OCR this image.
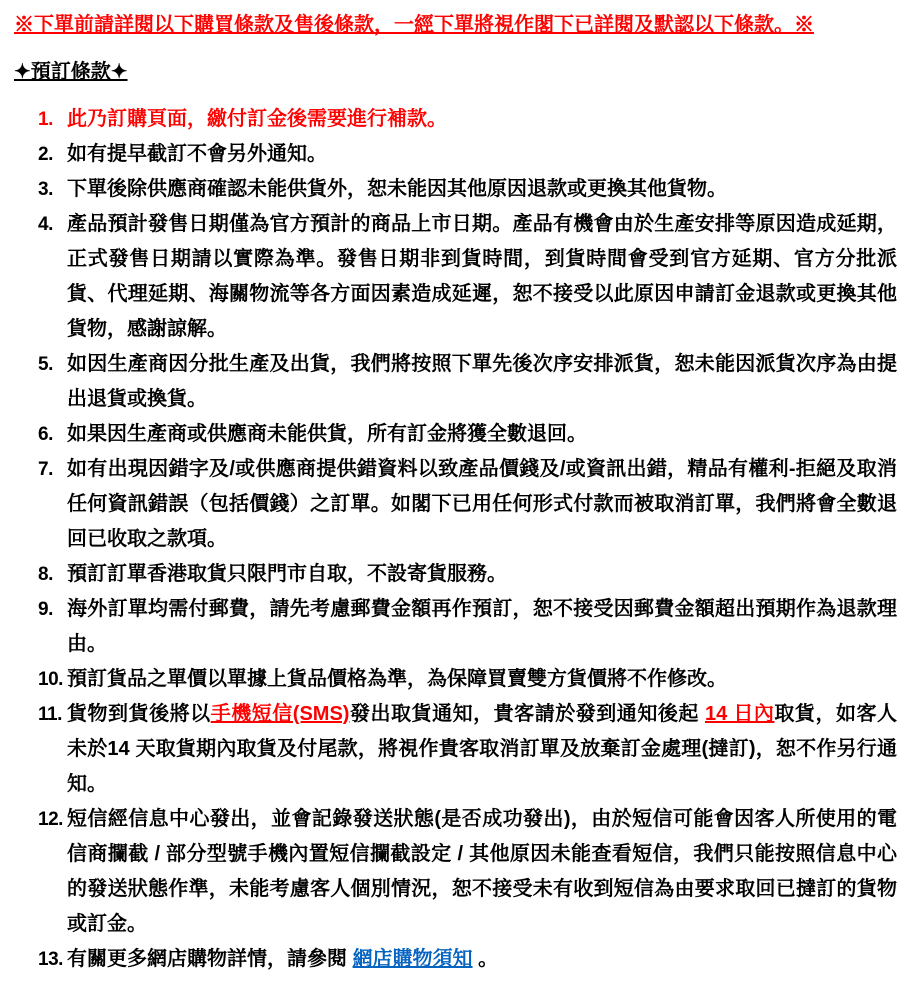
※下單前請詳閱以下購買條款及售後條款，一經下單將視作閣下已詳閱及默認以下條款。※
✦預訂條款✦
1. 此乃訂購頁面，繳付訂金後需要進行補款。
2. 如有提早截訂不會另外通知。
3. 下單後除供應商確認未能供貨外，恕未能因其他原因退款或更換其他貨物。
4. 產品預計發售日期僅為官方預計的商品上市日期。產品有機會由於生產安排等原因造成延期，正式發售日期請以實際為準。發售日期非到貨時間，到貨時間會受到官方延期、官方分批派貨、代理延期、海關物流等各方面因素造成延遲，恕不接受以此原因申請訂金退款或更換其他貨物，感謝諒解。
5. 如因生產商因分批生產及出貨，我們將按照下單先後次序安排派貨，恕未能因派貨次序為由提出退貨或換貨。
6. 如果因生產商或供應商未能供貨，所有訂金將獲全數退回。
7. 如有出現因錯字及/或供應商提供錯資料以致產品價錢及/或資訊出錯，精品有權利-拒絕及取消任何資訊錯誤（包括價錢）之訂單。如閣下已用任何形式付款而被取消訂單，我們將會全數退回已收取之款項。
8. 預訂訂單香港取貨只限門市自取，不設寄貨服務。
9. 海外訂單均需付郵費，請先考慮郵費金額再作預訂，恕不接受因郵費金額超出預期作為退款理由。
10. 預訂貨品之單價以單據上貨品價格為準，為保障買賣雙方貨價將不作修改。
11. 貨物到貨後將以手機短信(SMS)發出取貨通知，貴客請於發到通知後起 14 日內取貨，如客人未於14 天取貨期內取貨及付尾款，將視作貴客取消訂單及放棄訂金處理(撻訂)，恕不作另行通知。
12. 短信經信息中心發出，並會記錄發送狀態(是否成功發出)，由於短信可能會因客人所使用的電信商攔截 / 部分型號手機內置短信攔截設定 / 其他原因未能查看短信，我們只能按照信息中心的發送狀態作準，未能考慮客人個別情況，恕不接受未有收到短信為由要求取回已撻訂的貨物或訂金。
13. 有關更多網店購物詳情，請參閱 網店購物須知 。
